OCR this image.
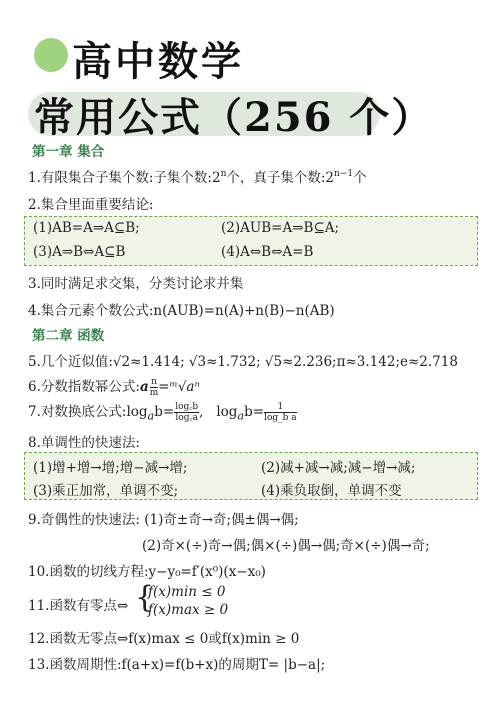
高中数学
常用公式（256 个）
第一章 集合
1.有限集合子集个数:子集个数:2$^n$个，真子集个数$:2^{n-1}$个
2.集合里面重要结论:
(1)AB=A⇒A⊆B;	(2)AUB=A⇒B⊆A;
(3)A⇒B⇔A⊆B	(4)A⇔B⇔A=B
3.同时满足求交集，分类讨论求并集
4.集合元素个数公式:n(AUB)=n(A)+n(B)−n(AB)
第二章 函数
5.几个近似值:√2≈1.414; √3≈1.732; √5≈2.236;π≈3.142;e≈2.718
6.分数指数幂公式:a $\frac{n}{m}$ =ᵐ√aⁿ
7.对数换底公式$:\log_ab= \frac{\log꜀b}{\log꜀a}$ , $\log_ab= \frac{1}{\text{log\_b a}}$
8.单调性的快速法:
(1)增+增→增;增−减→增;	(2)减+减→减;减−增→减;
(3)乘正加常，单调不变;	(4)乘负取倒，单调不变
9.奇偶性的快速法: (1)奇±奇→奇;偶±偶→偶;
(2)奇×(÷)奇→偶;偶×(÷)偶→偶;奇×(÷)偶→奇;
10.函数的切线方程:y−y₀=f′(x⁰)(x−x₀)
11.函数有零点⇔ {
f(x)min ≤ 0
f(x)max ≥ 0
12.函数无零点⇔f(x)max ≤ 0或f(x)min ≥ 0
13.函数周期性:f(a+x)=f(b+x)的周期T= |b−a|;
